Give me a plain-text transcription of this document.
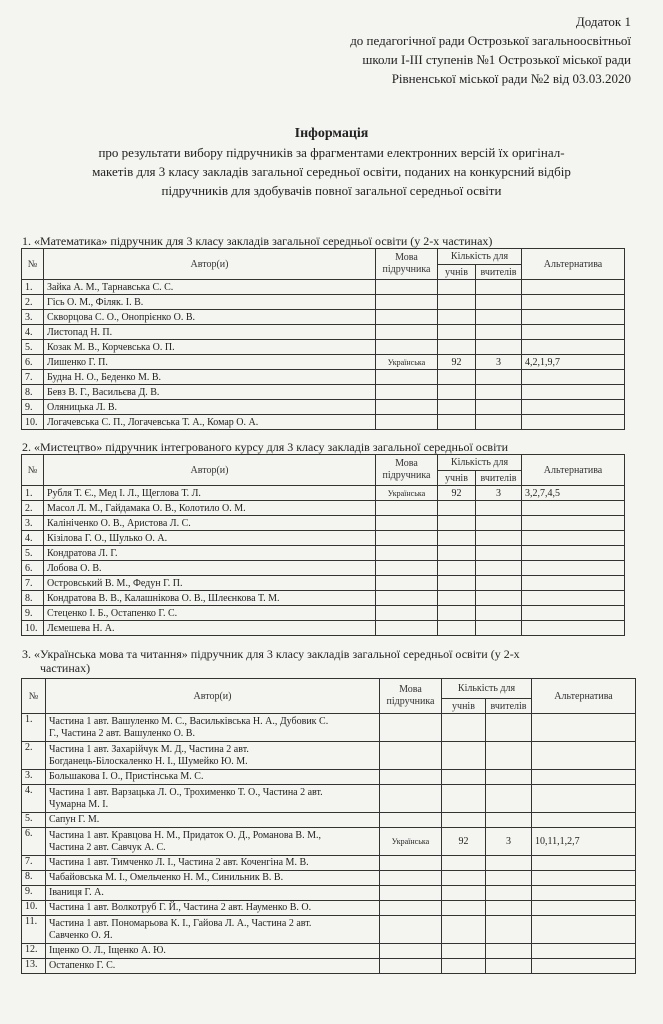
Додаток 1
до педагогічної ради Острозької загальноосвітньої
школи І-ІІІ ступенів №1 Острозької міської ради
Рівненської міської ради №2 від 03.03.2020
Інформація
про результати вибору підручників за фрагментами електронних версій їх оригінал-
макетів для 3 класу закладів загальної середньої освіти, поданих на конкурсний відбір
підручників для здобувачів повної загальної середньої освіти
1. «Математика» підручник для 3 класу закладів загальної середньої освіти (у 2-х частинах)
№	Автор(и)	Мова підручника	Кількість для		Альтернатива
			учнів	вчителів	
1.	Зайка А. М., Тарнавська С. С.				
2.	Гісь О. М., Філяк. І. В.				
3.	Скворцова С. О., Онопрієнко О. В.				
4.	Листопад Н. П.				
5.	Козак М. В., Корчевська О. П.				
6.	Лишенко Г. П.	Українська	92	3	4,2,1,9,7
7.	Будна Н. О., Беденко М. В.				
8.	Бевз В. Г., Васильєва Д. В.				
9.	Оляницька Л. В.				
10.	Логачевська С. П., Логачевська Т. А., Комар О. А.				
2. «Мистецтво» підручник інтегрованого курсу для 3 класу закладів загальної середньої освіти
№	Автор(и)	Мова підручника	Кількість для		Альтернатива
			учнів	вчителів	
1.	Рубля Т. Є., Мед І. Л., Щеглова Т. Л.	Українська	92	3	3,2,7,4,5
2.	Масол Л. М., Гайдамака О. В., Колотило О. М.				
3.	Калініченко О. В., Аристова Л. С.				
4.	Кізілова Г. О., Шулько О. А.				
5.	Кондратова Л. Г.				
6.	Лобова О. В.				
7.	Островський В. М., Федун Г. П.				
8.	Кондратова В. В., Калашнікова О. В., Шлеєнкова Т. М.				
9.	Стеценко І. Б., Остапенко Г. С.				
10.	Лємешева Н. А.				
3. «Українська мова та читання» підручник для 3 класу закладів загальної середньої освіти (у 2-х
частинах)
№	Автор(и)	Мова підручника	Кількість для		Альтернатива
			учнів	вчителів	
1.	Частина 1 авт. Вашуленко М. С., Васильківська Н. А., Дубовик С.
Г., Частина 2 авт. Вашуленко О. В.				

2.	Частина 1 авт. Захарійчук М. Д., Частина 2 авт.
Богданець-Білоскаленко Н. І., Шумейко Ю. М.				

3.	Большакова І. О., Пристінська М. С.				

4.	Частина 1 авт. Варзацька Л. О., Трохименко Т. О., Частина 2 авт.
Чумарна М. І.				

5.	Сапун Г. М.				

6.	Частина 1 авт. Кравцова Н. М., Придаток О. Д., Романова В. М.,
Частина 2 авт. Савчук А. С.	Українська	92	3	10,11,1,2,7
7.	Частина 1 авт. Тимченко Л. І., Частина 2 авт. Коченгіна М. В.				

8.	Чабайовська М. І., Омельченко Н. М., Синильник В. В.				

9.	Іваниця Г. А.				

10.	Частина 1 авт. Волкотруб Г. Й., Частина 2 авт. Науменко В. О.				

11.	Частина 1 авт. Пономарьова К. І., Гайова Л. А., Частина 2 авт.
Савченко О. Я.				

12.	Іщенко О. Л., Іщенко А. Ю.				

13.	Остапенко Г. С.				
